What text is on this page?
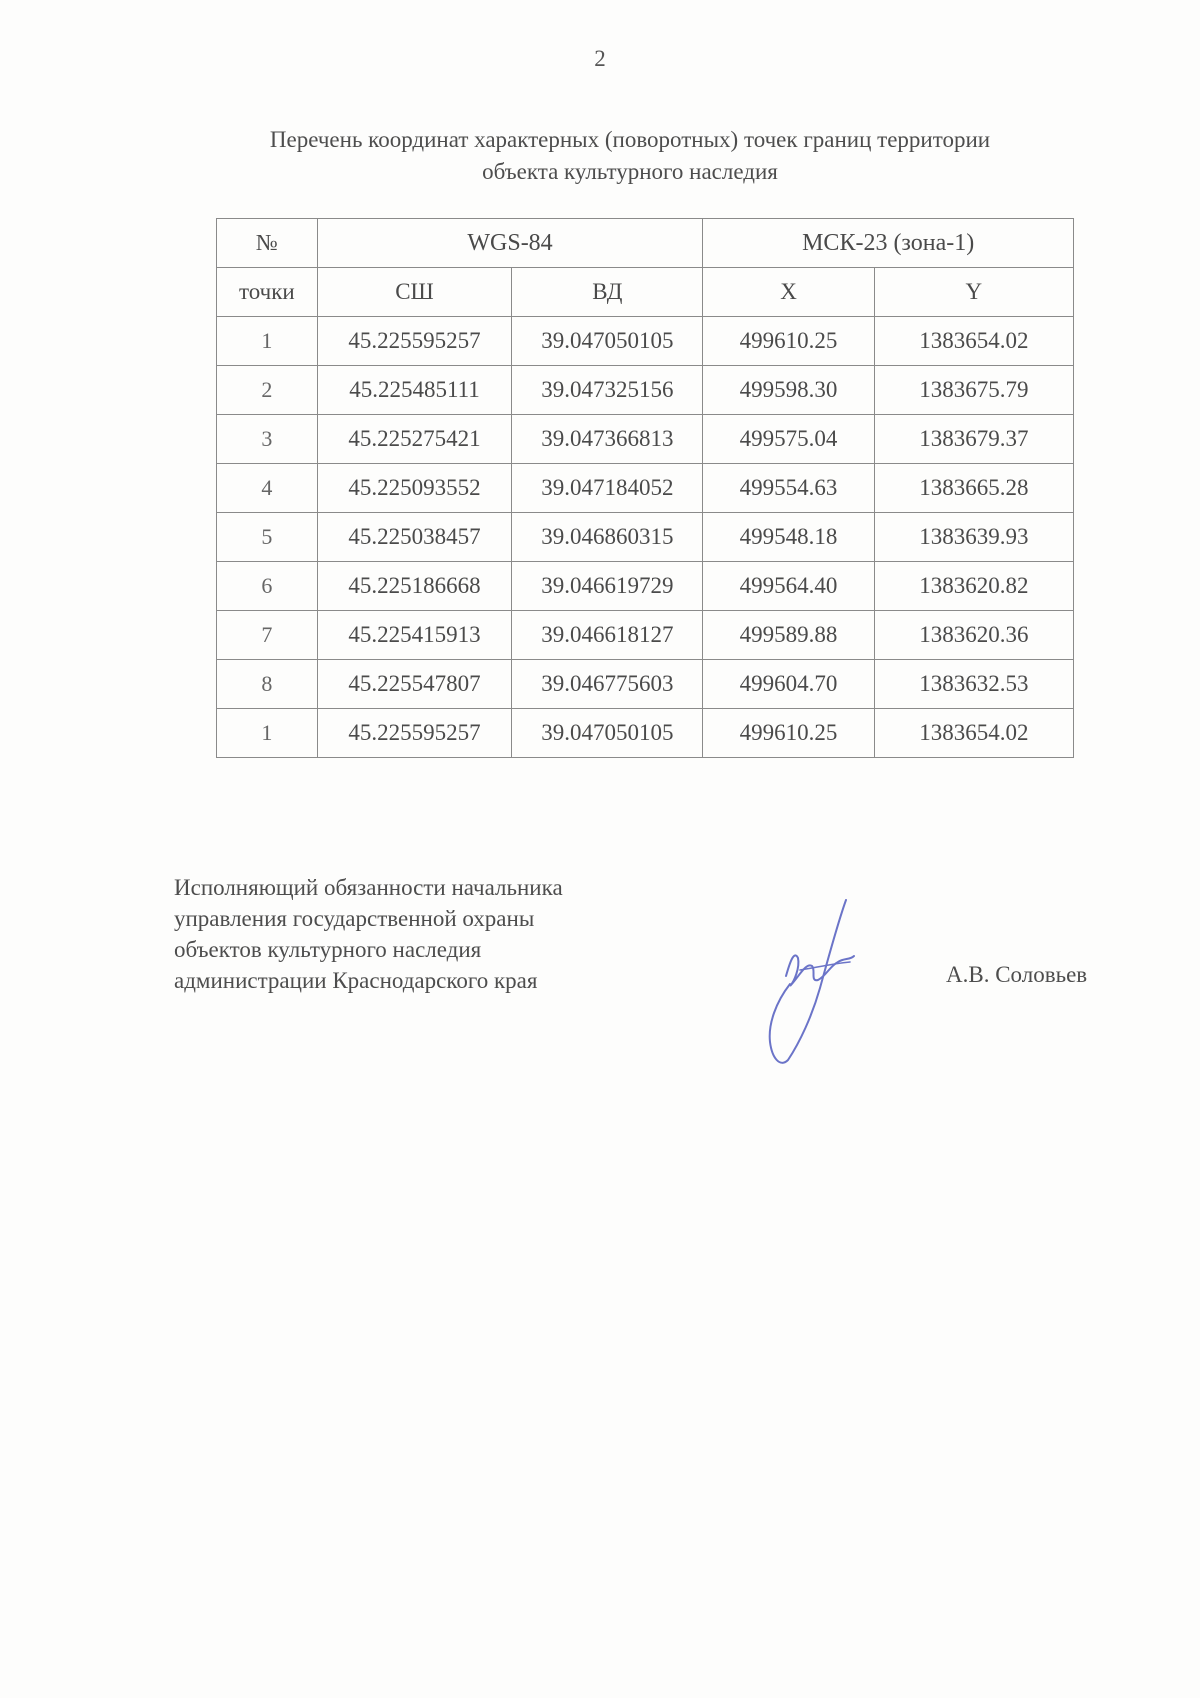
2
Перечень координат характерных (поворотных) точек границ территории
объекта культурного наследия
№	WGS-84		МСК-23 (зона-1)	
точки	СШ	ВД	X	Y
1	45.225595257	39.047050105	499610.25	1383654.02
2	45.225485111	39.047325156	499598.30	1383675.79
3	45.225275421	39.047366813	499575.04	1383679.37
4	45.225093552	39.047184052	499554.63	1383665.28
5	45.225038457	39.046860315	499548.18	1383639.93
6	45.225186668	39.046619729	499564.40	1383620.82
7	45.225415913	39.046618127	499589.88	1383620.36
8	45.225547807	39.046775603	499604.70	1383632.53
1	45.225595257	39.047050105	499610.25	1383654.02
Исполняющий обязанности начальника
управления государственной охраны
объектов культурного наследия
администрации Краснодарского края	А.В. Соловьев
